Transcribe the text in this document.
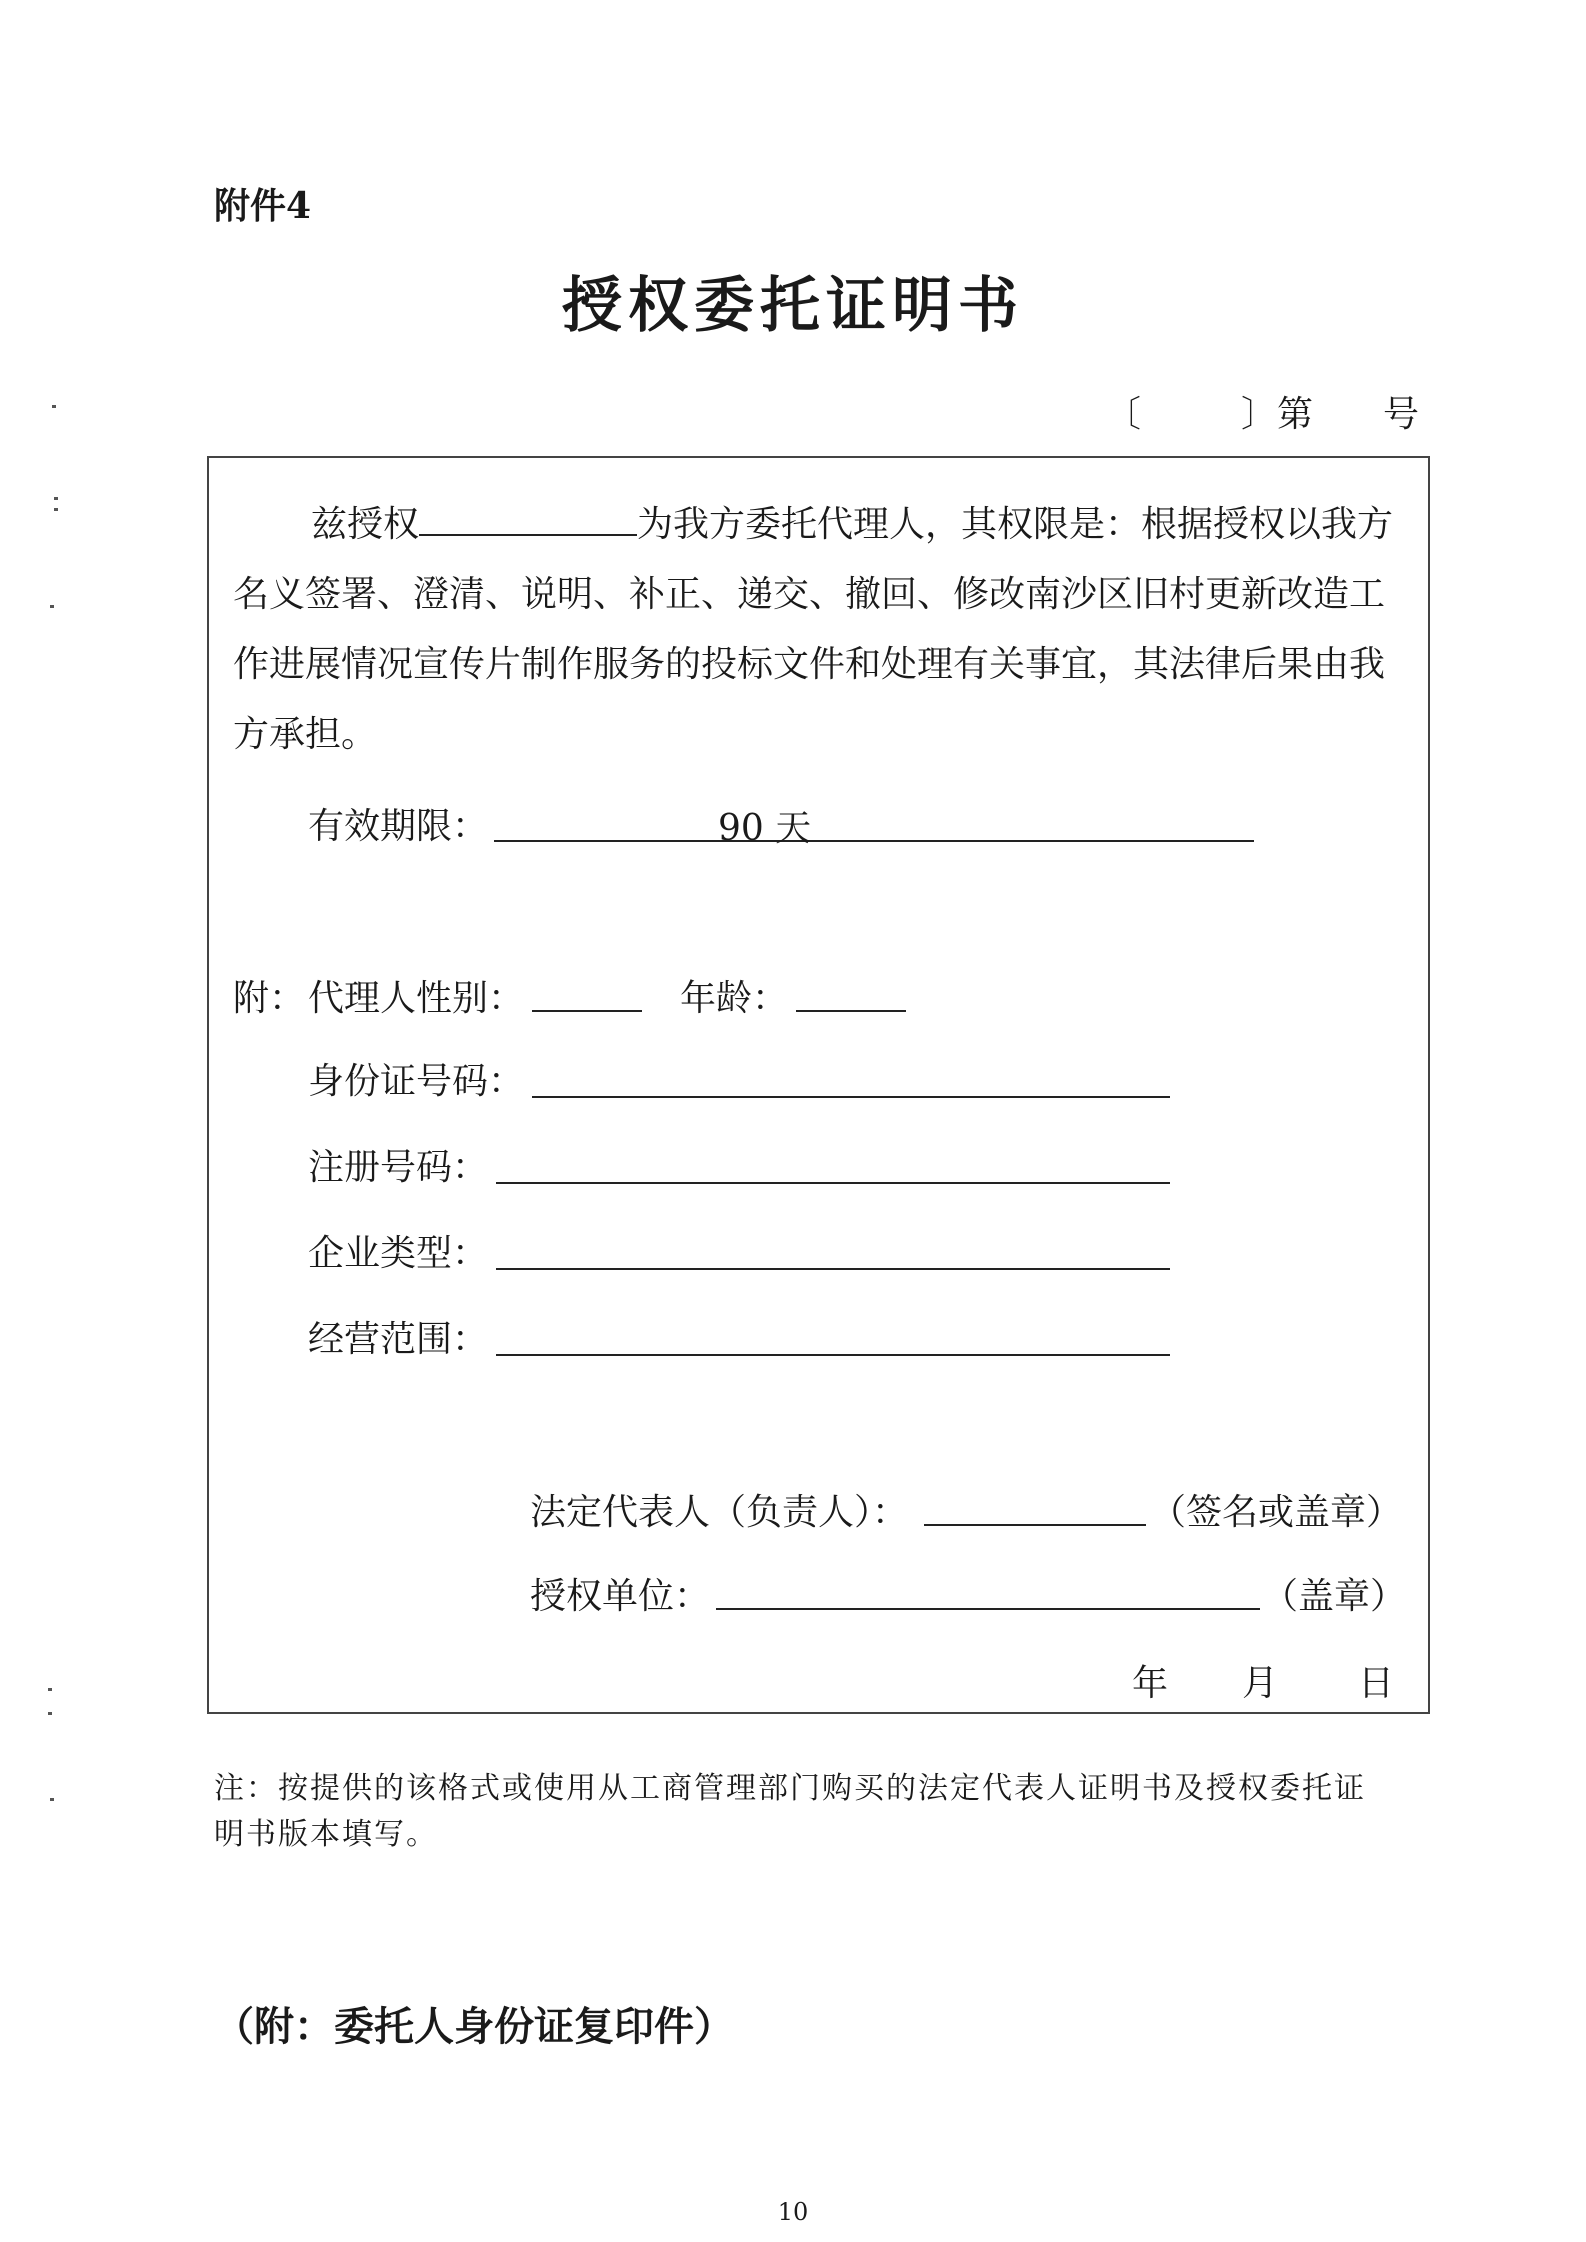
附件4
授权委托证明书
〔	〕第 号
兹授权	为我方委托代理人，其权限是：根据授权以我方名义签署、澄清、说明、补正、递交、撤回、修改南沙区旧村更新改造工作进展情况宣传片制作服务的投标文件和处理有关事宜，其法律后果由我方承担。
有效期限：	90 天
附： 代理人性别：	年龄：
身份证号码：
注册号码：
企业类型：
经营范围：
法定代表人（负责人）：	（签名或盖章）
授权单位：	（盖章）
年 月 日
注：按提供的该格式或使用从工商管理部门购买的法定代表人证明书及授权委托证明书版本填写。
（附：委托人身份证复印件）
10
